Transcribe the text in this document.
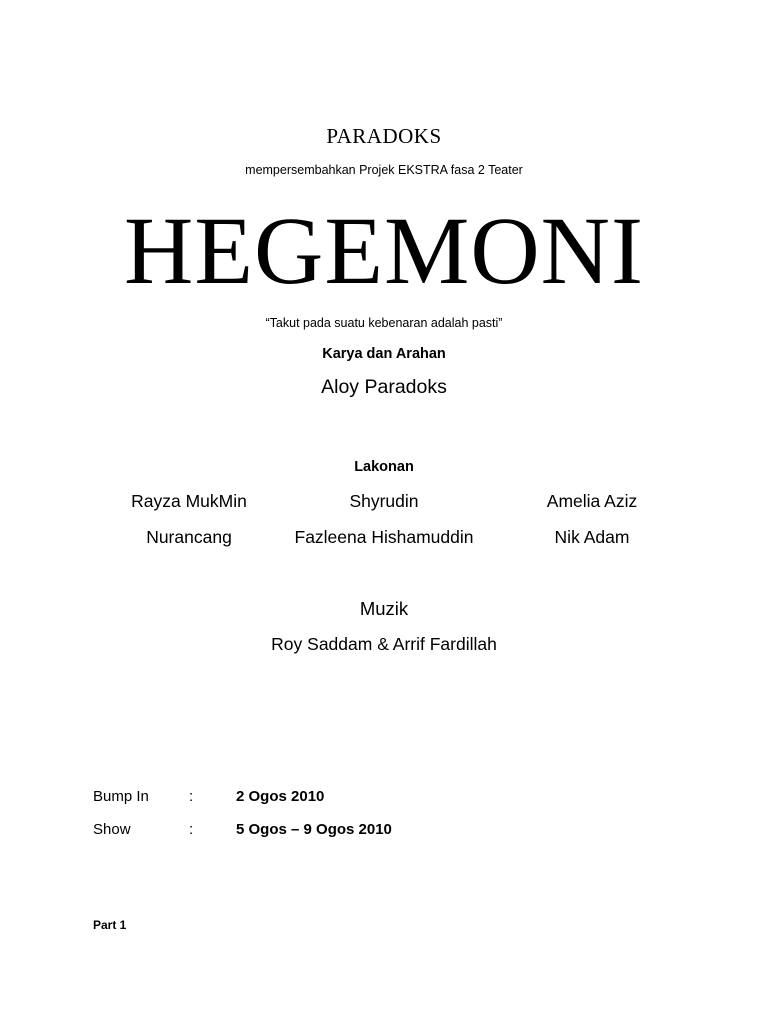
PARADOKS
mempersembahkan Projek EKSTRA fasa 2 Teater
HEGEMONI
“Takut pada suatu kebenaran adalah pasti”
Karya dan Arahan
Aloy Paradoks
Lakonan
Rayza MukMin	Shyrudin	Amelia Aziz
Nurancang	Fazleena Hishamuddin	Nik Adam
Muzik
Roy Saddam & Arrif Fardillah
Bump In	:	2 Ogos 2010
Show	:	5 Ogos – 9 Ogos 2010
Part 1
